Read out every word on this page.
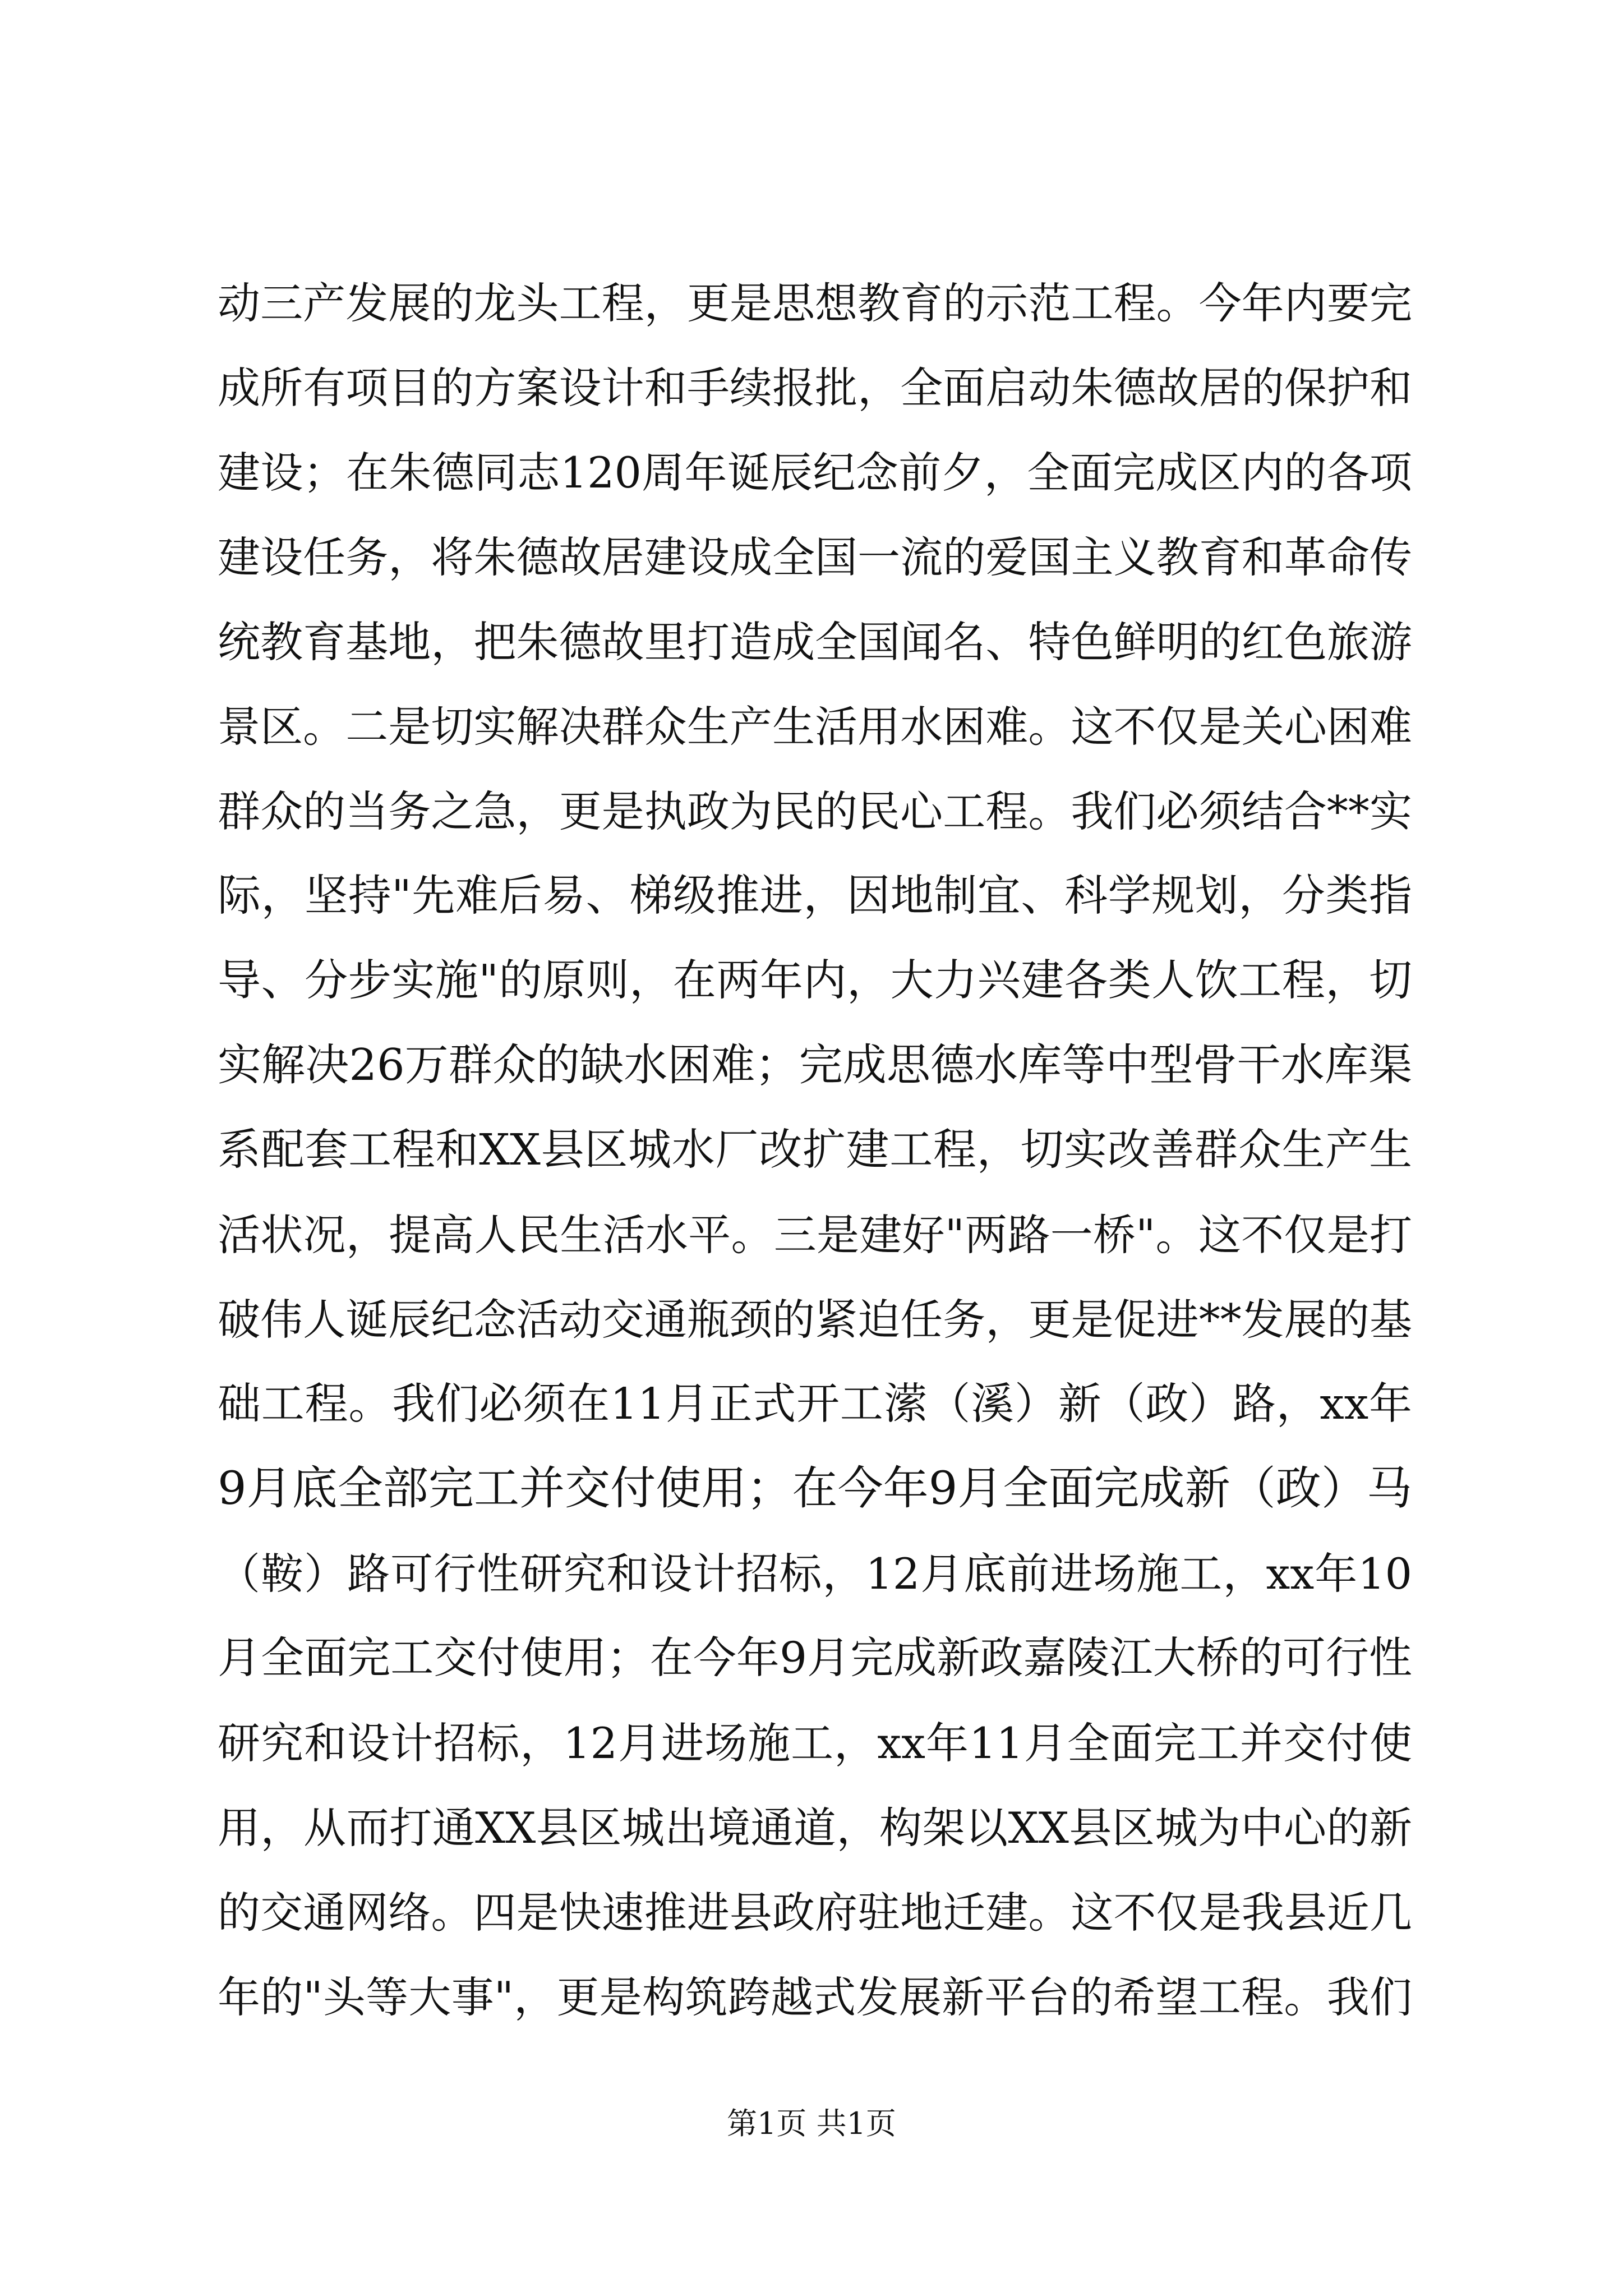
动三产发展的龙头工程，更是思想教育的示范工程。今年内要完
成所有项目的方案设计和手续报批，全面启动朱德故居的保护和
建设；在朱德同志120周年诞辰纪念前夕，全面完成区内的各项
建设任务，将朱德故居建设成全国一流的爱国主义教育和革命传
统教育基地，把朱德故里打造成全国闻名、特色鲜明的红色旅游
景区。二是切实解决群众生产生活用水困难。这不仅是关心困难
群众的当务之急，更是执政为民的民心工程。我们必须结合**实
际，坚持"先难后易、梯级推进，因地制宜、科学规划，分类指
导、分步实施"的原则，在两年内，大力兴建各类人饮工程，切
实解决26万群众的缺水困难；完成思德水库等中型骨干水库渠
系配套工程和XX县区城水厂改扩建工程，切实改善群众生产生
活状况，提高人民生活水平。三是建好"两路一桥"。这不仅是打
破伟人诞辰纪念活动交通瓶颈的紧迫任务，更是促进**发展的基
础工程。我们必须在11月正式开工潆（溪）新（政）路，xx年
9月底全部完工并交付使用；在今年9月全面完成新（政）马
（鞍）路可行性研究和设计招标，12月底前进场施工，xx年10
月全面完工交付使用；在今年9月完成新政嘉陵江大桥的可行性
研究和设计招标，12月进场施工，xx年11月全面完工并交付使
用，从而打通XX县区城出境通道，构架以XX县区城为中心的新
的交通网络。四是快速推进县政府驻地迁建。这不仅是我县近几
年的"头等大事"，更是构筑跨越式发展新平台的希望工程。我们
第1页 共1页
